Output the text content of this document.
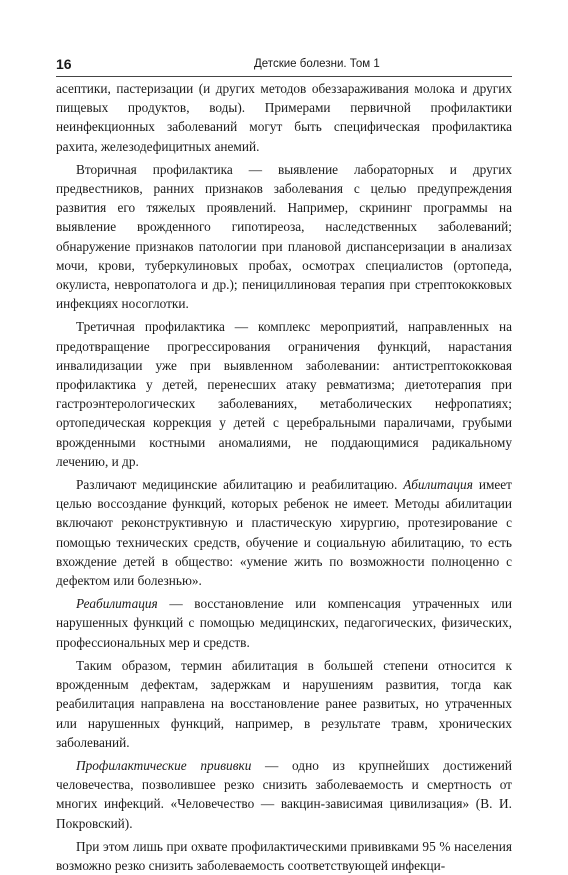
16	Детские болезни. Том 1

асептики, пастеризации (и других методов обеззараживания молока и других пищевых продуктов, воды). Примерами первичной профилактики неинфекционных заболеваний могут быть специфическая профилактика рахита, железодефицитных анемий.

Вторичная профилактика — выявление лабораторных и других предвестников, ранних признаков заболевания с целью предупреждения развития его тяжелых проявлений. Например, скрининг программы на выявление врожденного гипотиреоза, наследственных заболеваний; обнаружение признаков патологии при плановой диспансеризации в анализах мочи, крови, туберкулиновых пробах, осмотрах специалистов (ортопеда, окулиста, невропатолога и др.); пенициллиновая терапия при стрептококковых инфекциях носоглотки.

Третичная профилактика — комплекс мероприятий, направленных на предотвращение прогрессирования ограничения функций, нарастания инвалидизации уже при выявленном заболевании: антистрептококковая профилактика у детей, перенесших атаку ревматизма; диетотерапия при гастроэнтерологических заболеваниях, метаболических нефропатиях; ортопедическая коррекция у детей с церебральными параличами, грубыми врожденными костными аномалиями, не поддающимися радикальному лечению, и др.

Различают медицинские абилитацию и реабилитацию. Абилитация имеет целью воссоздание функций, которых ребенок не имеет. Методы абилитации включают реконструктивную и пластическую хирургию, протезирование с помощью технических средств, обучение и социальную абилитацию, то есть вхождение детей в общество: «умение жить по возможности полноценно с дефектом или болезнью».

Реабилитация — восстановление или компенсация утраченных или нарушенных функций с помощью медицинских, педагогических, физических, профессиональных мер и средств.

Таким образом, термин абилитация в большей степени относится к врожденным дефектам, задержкам и нарушениям развития, тогда как реабилитация направлена на восстановление ранее развитых, но утраченных или нарушенных функций, например, в результате травм, хронических заболеваний.

Профилактические прививки — одно из крупнейших достижений человечества, позволившее резко снизить заболеваемость и смертность от многих инфекций. «Человечество — вакцин-зависимая цивилизация» (В. И. Покровский).

При этом лишь при охвате профилактическими прививками 95 % населения возможно резко снизить заболеваемость соответствующей инфекци-
